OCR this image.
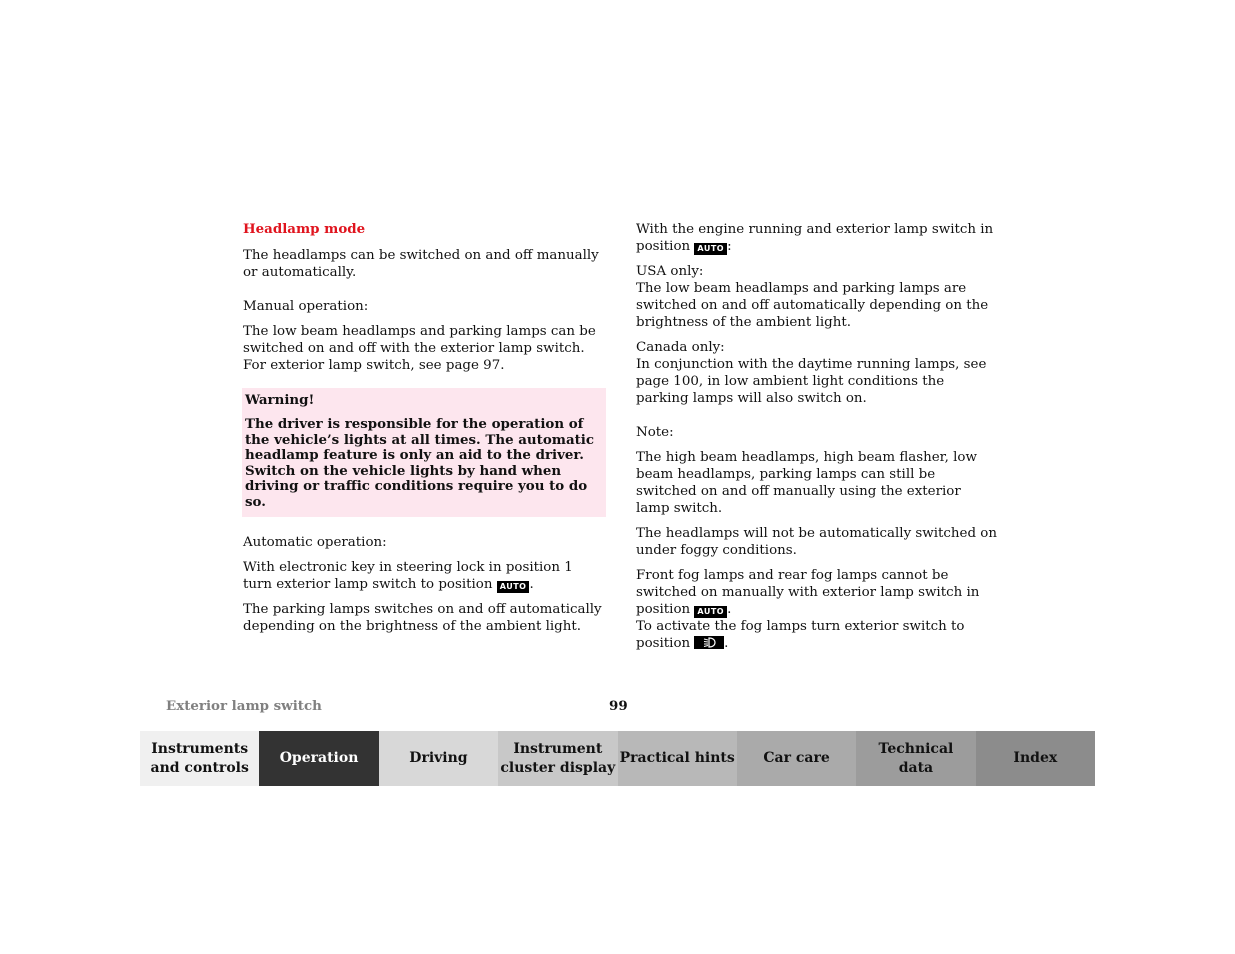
Headlamp mode

The headlamps can be switched on and off manually or automatically.

Manual operation:

The low beam headlamps and parking lamps can be switched on and off with the exterior lamp switch. For exterior lamp switch, see page 97.

Warning!
The driver is responsible for the operation of the vehicle’s lights at all times. The automatic headlamp feature is only an aid to the driver. Switch on the vehicle lights by hand when driving or traffic conditions require you to do so.

Automatic operation:

With electronic key in steering lock in position 1 turn exterior lamp switch to position AUTO .

The parking lamps switches on and off automatically depending on the brightness of the ambient light.

With the engine running and exterior lamp switch in position AUTO :

USA only:
The low beam headlamps and parking lamps are switched on and off automatically depending on the brightness of the ambient light.

Canada only:
In conjunction with the daytime running lamps, see page 100, in low ambient light conditions the parking lamps will also switch on.

Note:

The high beam headlamps, high beam flasher, low beam headlamps, parking lamps can still be switched on and off manually using the exterior lamp switch.

The headlamps will not be automatically switched on under foggy conditions.

Front fog lamps and rear fog lamps cannot be switched on manually with exterior lamp switch in position AUTO .
To activate the fog lamps turn exterior switch to position	.

Exterior lamp switch	99
Instruments
and controls
Operation	Driving
Instrument
cluster display
Practical hints Car care
Technical
data
Index
